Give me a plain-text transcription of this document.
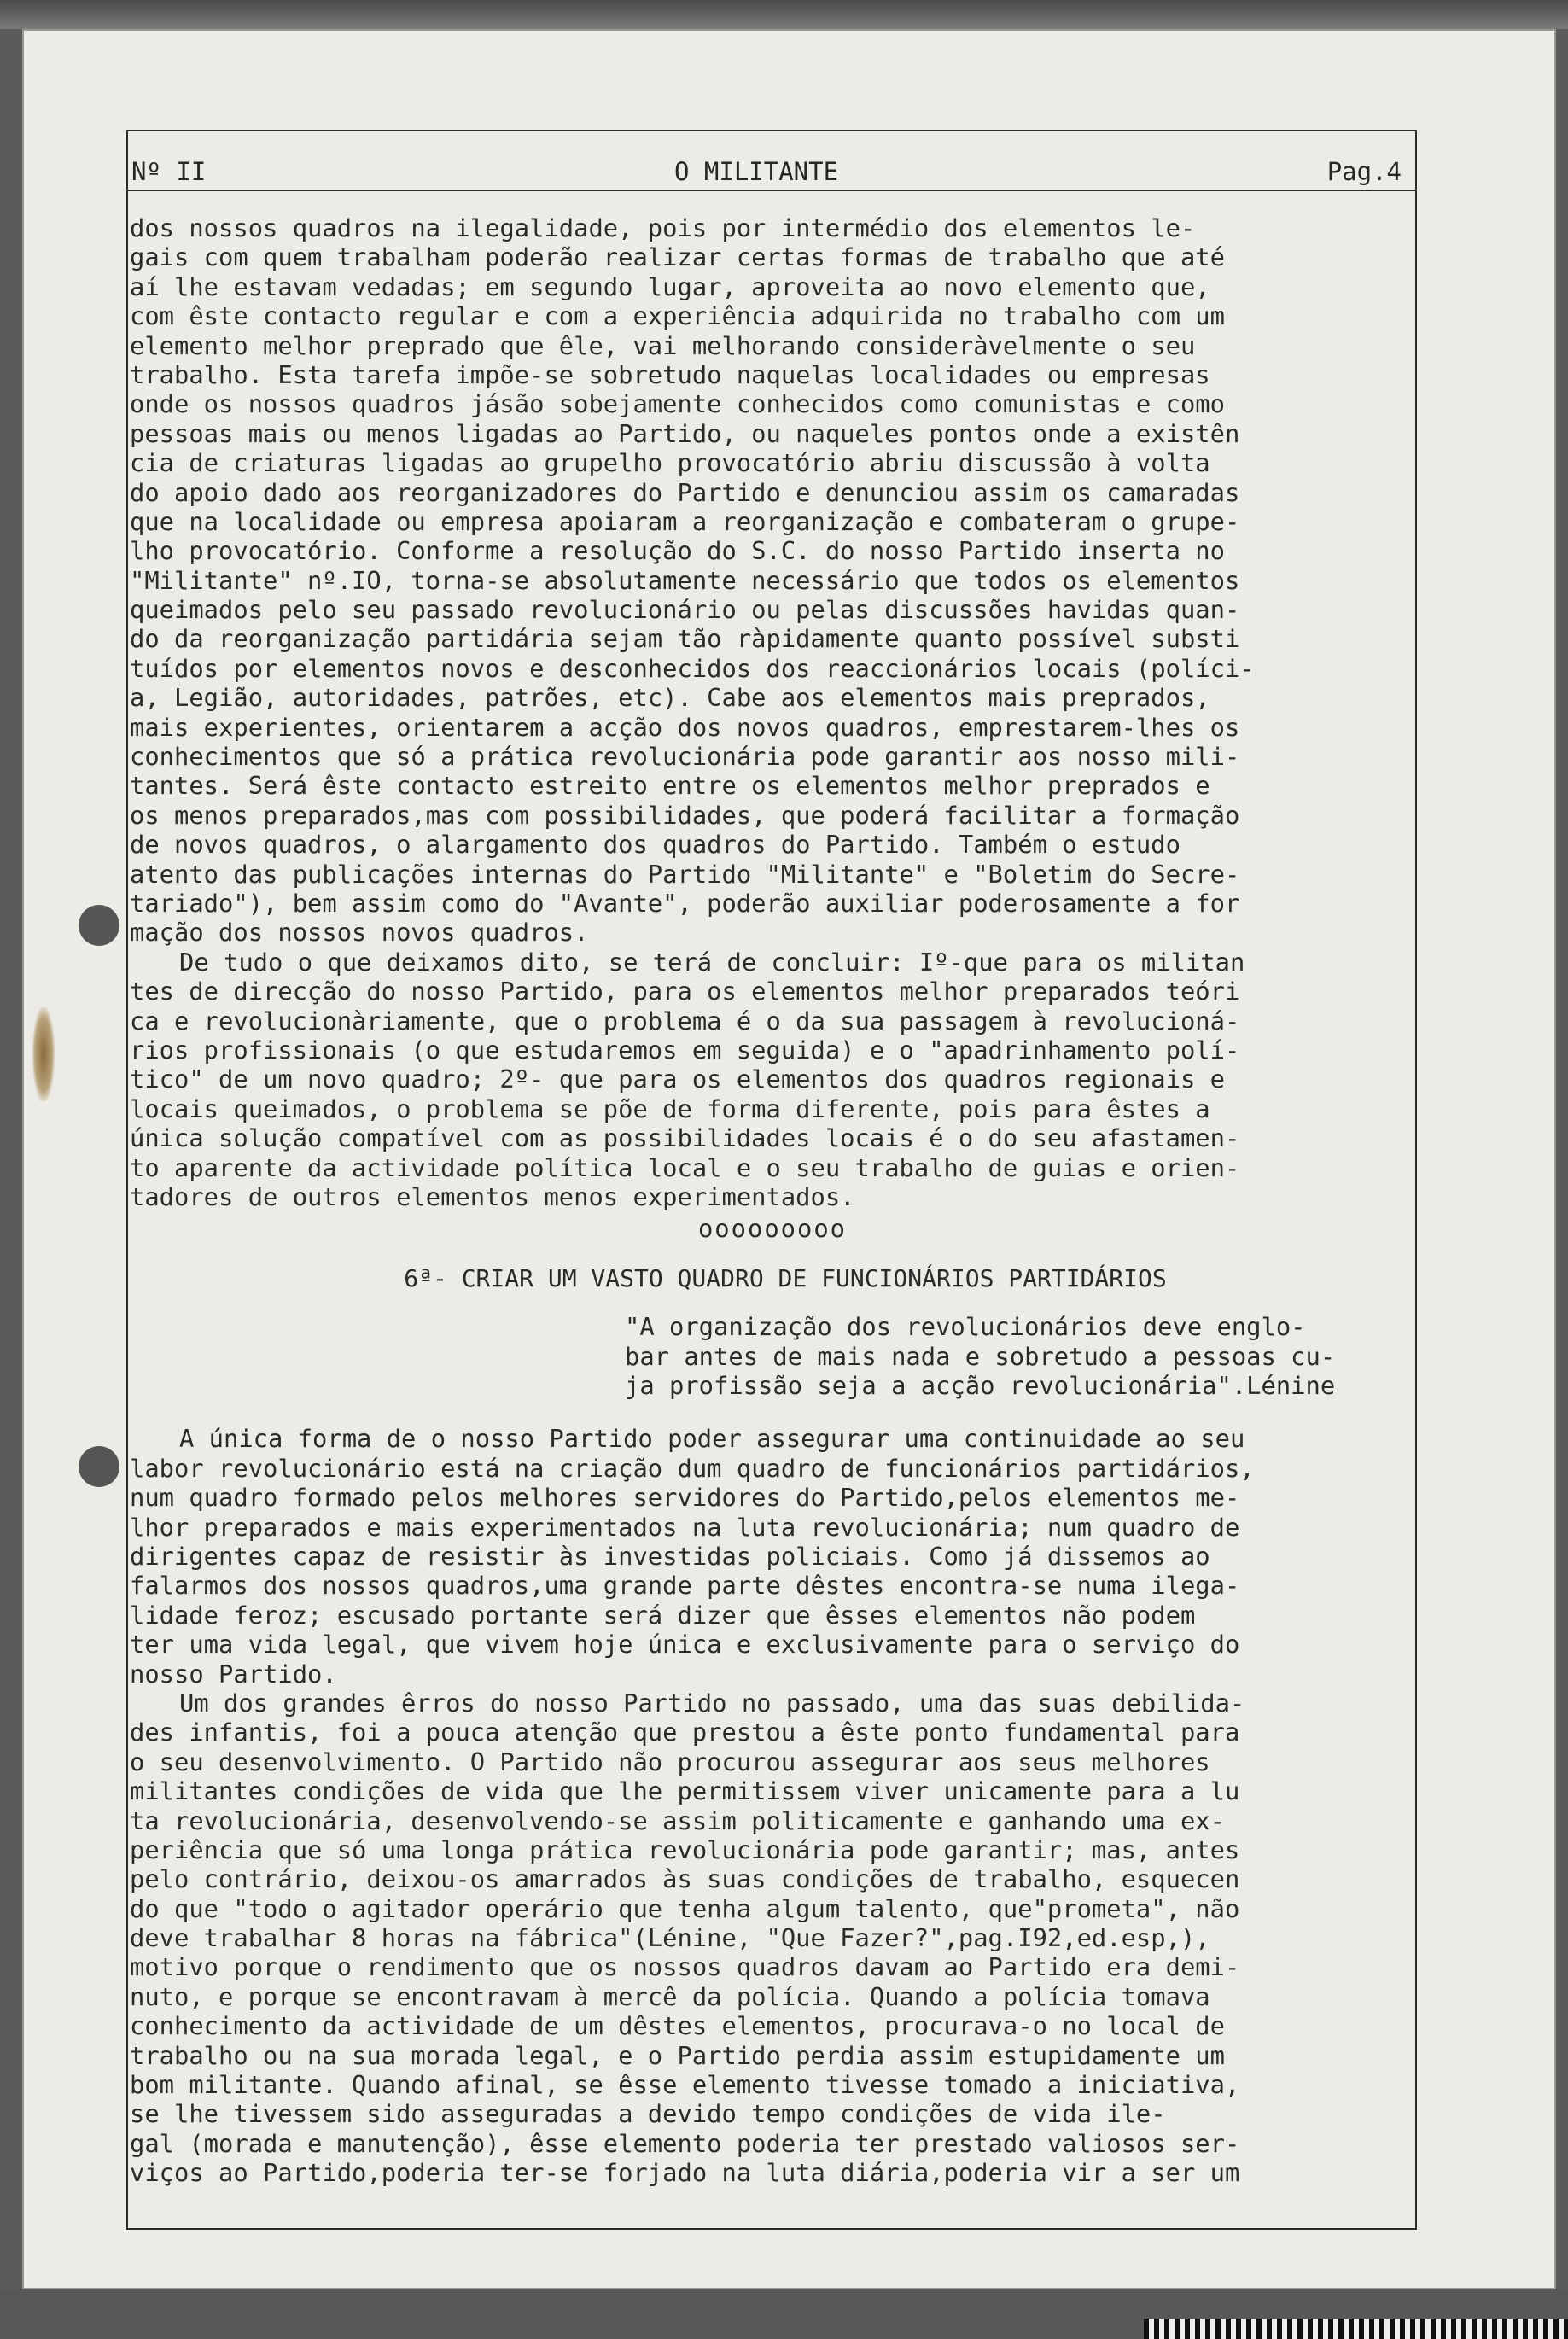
Nº II	O MILITANTE	Pag.4
dos nossos quadros na ilegalidade, pois por intermédio dos elementos le-
gais com quem trabalham poderão realizar certas formas de trabalho que até
aí lhe estavam vedadas; em segundo lugar, aproveita ao novo elemento que,
com êste contacto regular e com a experiência adquirida no trabalho com um
elemento melhor preprado que êle, vai melhorando consideràvelmente o seu
trabalho. Esta tarefa impõe-se sobretudo naquelas localidades ou empresas
onde os nossos quadros jásão sobejamente conhecidos como comunistas e como
pessoas mais ou menos ligadas ao Partido, ou naqueles pontos onde a existên
cia de criaturas ligadas ao grupelho provocatório abriu discussão à volta
do apoio dado aos reorganizadores do Partido e denunciou assim os camaradas
que na localidade ou empresa apoiaram a reorganização e combateram o grupe-
lho provocatório. Conforme a resolução do S.C. do nosso Partido inserta no
"Militante" nº.IO, torna-se absolutamente necessário que todos os elementos
queimados pelo seu passado revolucionário ou pelas discussões havidas quan-
do da reorganização partidária sejam tão ràpidamente quanto possível substi
tuídos por elementos novos e desconhecidos dos reaccionários locais (políci-
a, Legião, autoridades, patrões, etc). Cabe aos elementos mais preprados,
mais experientes, orientarem a acção dos novos quadros, emprestarem-lhes os
conhecimentos que só a prática revolucionária pode garantir aos nosso mili-
tantes. Será êste contacto estreito entre os elementos melhor preprados e
os menos preparados,mas com possibilidades, que poderá facilitar a formação
de novos quadros, o alargamento dos quadros do Partido. Também o estudo
atento das publicações internas do Partido "Militante" e "Boletim do Secre-
tariado"), bem assim como do "Avante", poderão auxiliar poderosamente a for
mação dos nossos novos quadros.
De tudo o que deixamos dito, se terá de concluir: Iº-que para os militan
tes de direcção do nosso Partido, para os elementos melhor preparados teóri
ca e revolucionàriamente, que o problema é o da sua passagem à revolucioná-
rios profissionais (o que estudaremos em seguida) e o "apadrinhamento polí-
tico" de um novo quadro; 2º- que para os elementos dos quadros regionais e
locais queimados, o problema se põe de forma diferente, pois para êstes a
única solução compatível com as possibilidades locais é o do seu afastamen-
to aparente da actividade política local e o seu trabalho de guias e orien-
tadores de outros elementos menos experimentados.
ooooooooo
6ª- CRIAR UM VASTO QUADRO DE FUNCIONÁRIOS PARTIDÁRIOS
"A organização dos revolucionários deve englo-
bar antes de mais nada e sobretudo a pessoas cu-
ja profissão seja a acção revolucionária".Lénine
A única forma de o nosso Partido poder assegurar uma continuidade ao seu
labor revolucionário está na criação dum quadro de funcionários partidários,
num quadro formado pelos melhores servidores do Partido,pelos elementos me-
lhor preparados e mais experimentados na luta revolucionária; num quadro de
dirigentes capaz de resistir às investidas policiais. Como já dissemos ao
falarmos dos nossos quadros,uma grande parte dêstes encontra-se numa ilega-
lidade feroz; escusado portante será dizer que êsses elementos não podem
ter uma vida legal, que vivem hoje única e exclusivamente para o serviço do
nosso Partido.
Um dos grandes êrros do nosso Partido no passado, uma das suas debilida-
des infantis, foi a pouca atenção que prestou a êste ponto fundamental para
o seu desenvolvimento. O Partido não procurou assegurar aos seus melhores
militantes condições de vida que lhe permitissem viver unicamente para a lu
ta revolucionária, desenvolvendo-se assim politicamente e ganhando uma ex-
periência que só uma longa prática revolucionária pode garantir; mas, antes
pelo contrário, deixou-os amarrados às suas condições de trabalho, esquecen
do que "todo o agitador operário que tenha algum talento, que"prometa", não
deve trabalhar 8 horas na fábrica"(Lénine, "Que Fazer?",pag.I92,ed.esp,),
motivo porque o rendimento que os nossos quadros davam ao Partido era demi-
nuto, e porque se encontravam à mercê da polícia. Quando a polícia tomava
conhecimento da actividade de um dêstes elementos, procurava-o no local de
trabalho ou na sua morada legal, e o Partido perdia assim estupidamente um
bom militante. Quando afinal, se êsse elemento tivesse tomado a iniciativa,
se lhe tivessem sido asseguradas a devido tempo condições de vida ile-
gal (morada e manutenção), êsse elemento poderia ter prestado valiosos ser-
viços ao Partido,poderia ter-se forjado na luta diária,poderia vir a ser um
